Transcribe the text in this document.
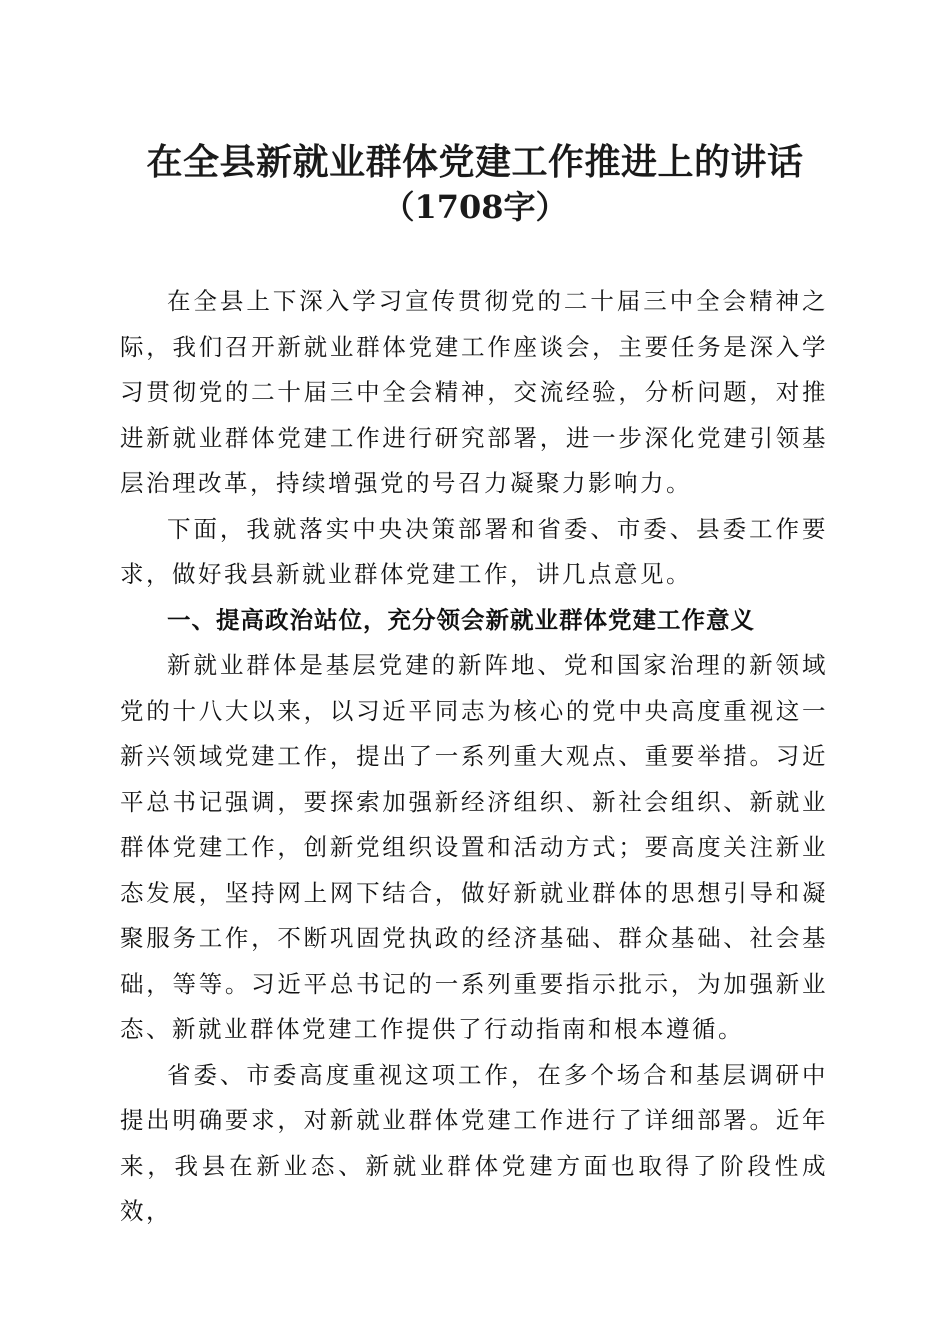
在全县新就业群体党建工作推进上的讲话
（1708字）

在全县上下深入学习宣传贯彻党的二十届三中全会精神之际，我们召开新就业群体党建工作座谈会，主要任务是深入学习贯彻党的二十届三中全会精神，交流经验，分析问题，对推进新就业群体党建工作进行研究部署，进一步深化党建引领基层治理改革，持续增强党的号召力凝聚力影响力。

下面，我就落实中央决策部署和省委、市委、县委工作要求，做好我县新就业群体党建工作，讲几点意见。

一、提高政治站位，充分领会新就业群体党建工作意义

新就业群体是基层党建的新阵地、党和国家治理的新领域党的十八大以来，以习近平同志为核心的党中央高度重视这一新兴领域党建工作，提出了一系列重大观点、重要举措。习近平总书记强调，要探索加强新经济组织、新社会组织、新就业群体党建工作，创新党组织设置和活动方式；要高度关注新业态发展，坚持网上网下结合，做好新就业群体的思想引导和凝聚服务工作，不断巩固党执政的经济基础、群众基础、社会基础，等等。习近平总书记的一系列重要指示批示，为加强新业态、新就业群体党建工作提供了行动指南和根本遵循。

省委、市委高度重视这项工作，在多个场合和基层调研中提出明确要求，对新就业群体党建工作进行了详细部署。近年来，我县在新业态、新就业群体党建方面也取得了阶段性成效，
